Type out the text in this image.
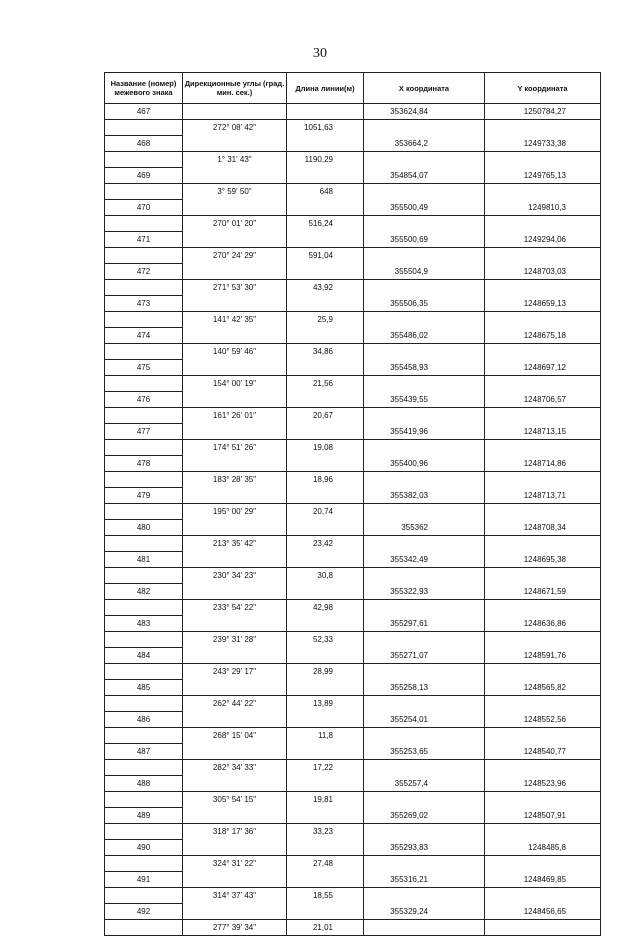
30
Название (номер) межевого знака	Дирекционные углы (град. мин. сек.)	Длина линии(м)	X координата	Y координата
467			353624,84	1250784,27
	272° 08' 42"	1051,63		
468			353664,2	1249733,38
	1° 31' 43"	1190,29		
469			354854,07	1249765,13
	3° 59' 50"	648		
470			355500,49	1249810,3
	270° 01' 20"	516,24		
471			355500,69	1249294,06
	270° 24' 29"	591,04		
472			355504,9	1248703,03
	271° 53' 30"	43,92		
473			355506,35	1248659,13
	141° 42' 35"	25,9		
474			355486,02	1248675,18
	140° 59' 46"	34,86		
475			355458,93	1248697,12
	154° 00' 19"	21,56		
476			355439,55	1248706,57
	161° 26' 01"	20,67		
477			355419,96	1248713,15
	174° 51' 26"	19,08		
478			355400,96	1248714,86
	183° 28' 35"	18,96		
479			355382,03	1248713,71
	195° 00' 29"	20,74		
480			355362	1248708,34
	213° 35' 42"	23,42		
481			355342,49	1248695,38
	230° 34' 23"	30,8		
482			355322,93	1248671,59
	233° 54' 22"	42,98		
483			355297,61	1248636,86
	239° 31' 28"	52,33		
484			355271,07	1248591,76
	243° 29' 17"	28,99		
485			355258,13	1248565,82
	262° 44' 22"	13,89		
486			355254,01	1248552,56
	268° 15' 04"	11,8		
487			355253,65	1248540,77
	282° 34' 33"	17,22		
488			355257,4	1248523,96
	305° 54' 15"	19,81		
489			355269,02	1248507,91
	318° 17' 36"	33,23		
490			355293,83	1248485,8
	324° 31' 22"	27,48		
491			355316,21	1248469,85
	314° 37' 43"	18,55		
492			355329,24	1248456,65
	277° 39' 34"	21,01		
